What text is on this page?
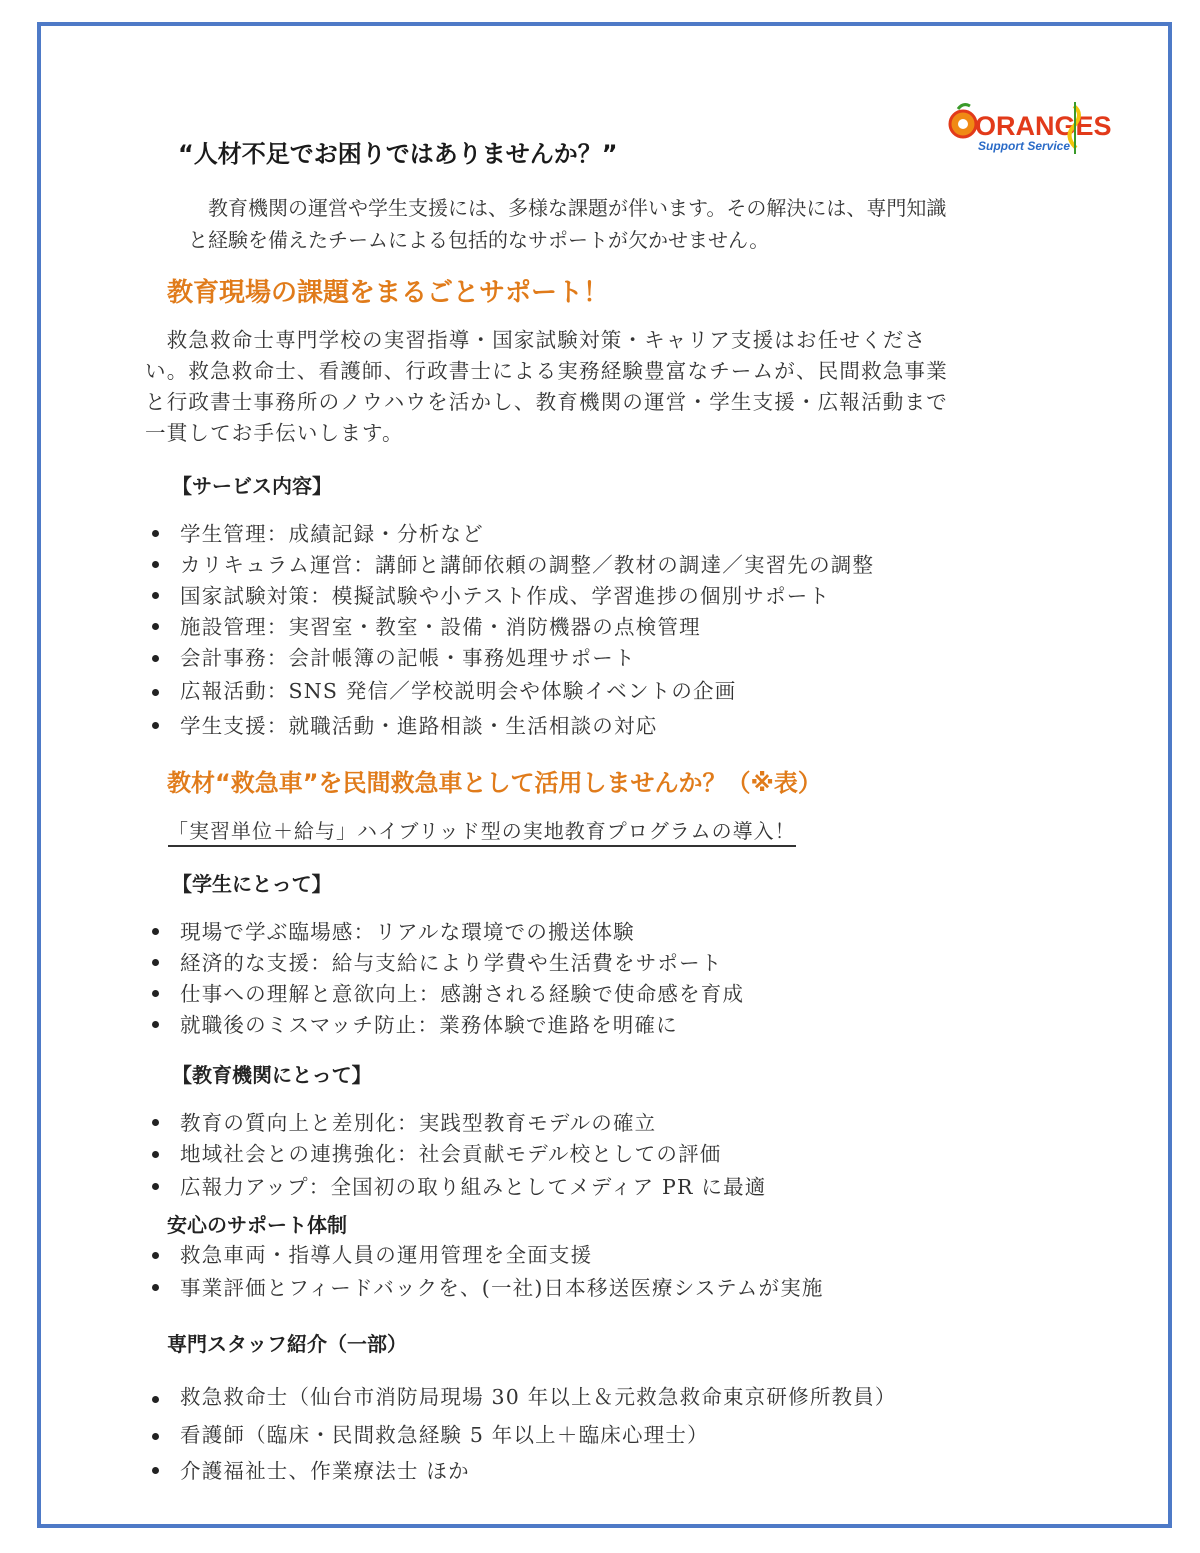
ORANGES
Support Service
“人材不足でお困りではありませんか？”

　教育機関の運営や学生支援には、多様な課題が伴います。その解決には、専門知識

と経験を備えたチームによる包括的なサポートが欠かせません。

教育現場の課題をまるごとサポート！

　救急救命士専門学校の実習指導・国家試験対策・キャリア支援はお任せくださ

い。救急救命士、看護師、行政書士による実務経験豊富なチームが、民間救急事業

と行政書士事務所のノウハウを活かし、教育機関の運営・学生支援・広報活動まで

一貫してお手伝いします。

【サービス内容】
学生管理：成績記録・分析など
カリキュラム運営：講師と講師依頼の調整／教材の調達／実習先の調整
国家試験対策：模擬試験や小テスト作成、学習進捗の個別サポート
施設管理：実習室・教室・設備・消防機器の点検管理
会計事務：会計帳簿の記帳・事務処理サポート
広報活動：SNS 発信／学校説明会や体験イベントの企画
学生支援：就職活動・進路相談・生活相談の対応
教材“救急車”を民間救急車として活用しませんか？（※表）
「実習単位＋給与」ハイブリッド型の実地教育プログラムの導入！
【学生にとって】
現場で学ぶ臨場感：リアルな環境での搬送体験
経済的な支援：給与支給により学費や生活費をサポート
仕事への理解と意欲向上：感謝される経験で使命感を育成
就職後のミスマッチ防止：業務体験で進路を明確に
【教育機関にとって】
教育の質向上と差別化：実践型教育モデルの確立
地域社会との連携強化：社会貢献モデル校としての評価
広報力アップ：全国初の取り組みとしてメディア PR に最適
安心のサポート体制
救急車両・指導人員の運用管理を全面支援
事業評価とフィードバックを、(一社)日本移送医療システムが実施
専門スタッフ紹介（一部）
救急救命士（仙台市消防局現場 30 年以上＆元救急救命東京研修所教員）
看護師（臨床・民間救急経験 5 年以上＋臨床心理士）
介護福祉士、作業療法士 ほか
